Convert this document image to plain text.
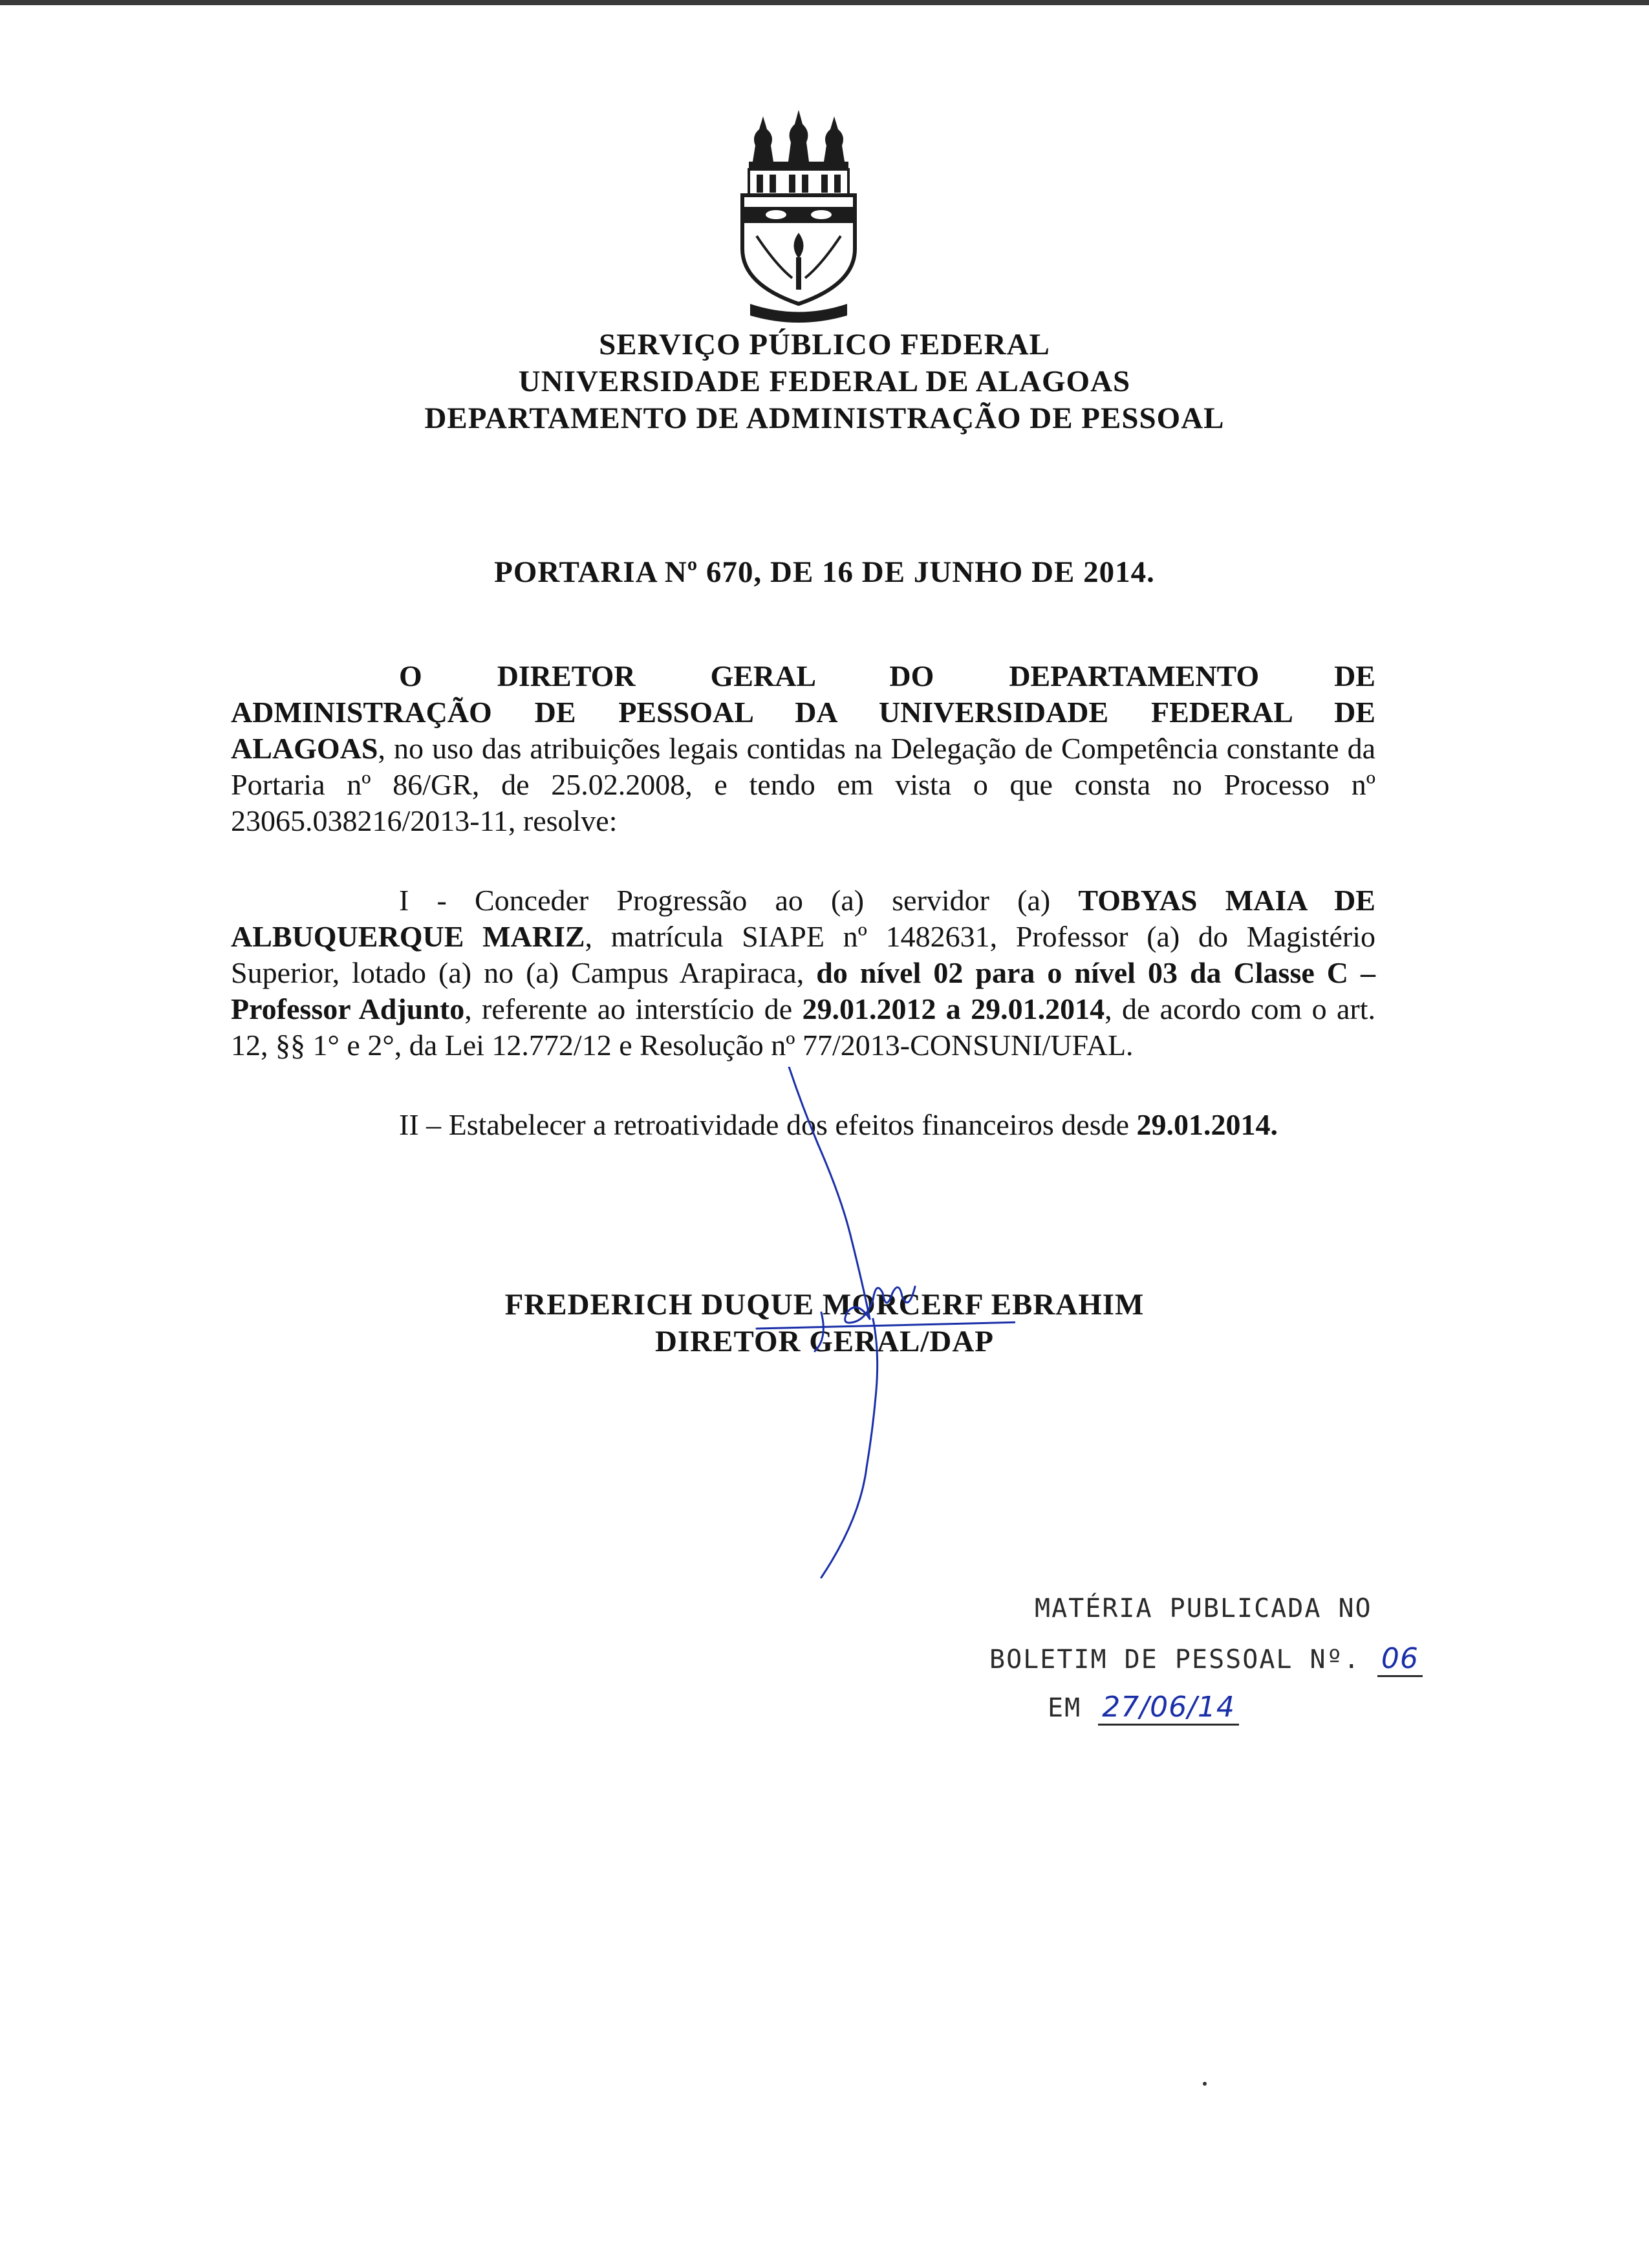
SERVIÇO PÚBLICO FEDERAL
UNIVERSIDADE FEDERAL DE ALAGOAS
DEPARTAMENTO DE ADMINISTRAÇÃO DE PESSOAL
PORTARIA Nº 670, DE 16 DE JUNHO DE 2014.
O DIRETOR GERAL DO DEPARTAMENTO DE ADMINISTRAÇÃO DE PESSOAL DA UNIVERSIDADE FEDERAL DE ALAGOAS, no uso das atribuições legais contidas na Delegação de Competência constante da Portaria nº 86/GR, de 25.02.2008, e tendo em vista o que consta no Processo nº 23065.038216/2013-11, resolve:
I - Conceder Progressão ao (a) servidor (a) TOBYAS MAIA DE ALBUQUERQUE MARIZ, matrícula SIAPE nº 1482631, Professor (a) do Magistério Superior, lotado (a) no (a) Campus Arapiraca, do nível 02 para o nível 03 da Classe C – Professor Adjunto, referente ao interstício de 29.01.2012 a 29.01.2014, de acordo com o art. 12, §§ 1° e 2°, da Lei 12.772/12 e Resolução nº 77/2013-CONSUNI/UFAL.
II – Estabelecer a retroatividade dos efeitos financeiros desde 29.01.2014.
FREDERICH DUQUE MORCERF EBRAHIM
DIRETOR GERAL/DAP
MATÉRIA PUBLICADA NO
BOLETIM DE PESSOAL Nº. 06
EM 27/06/14
